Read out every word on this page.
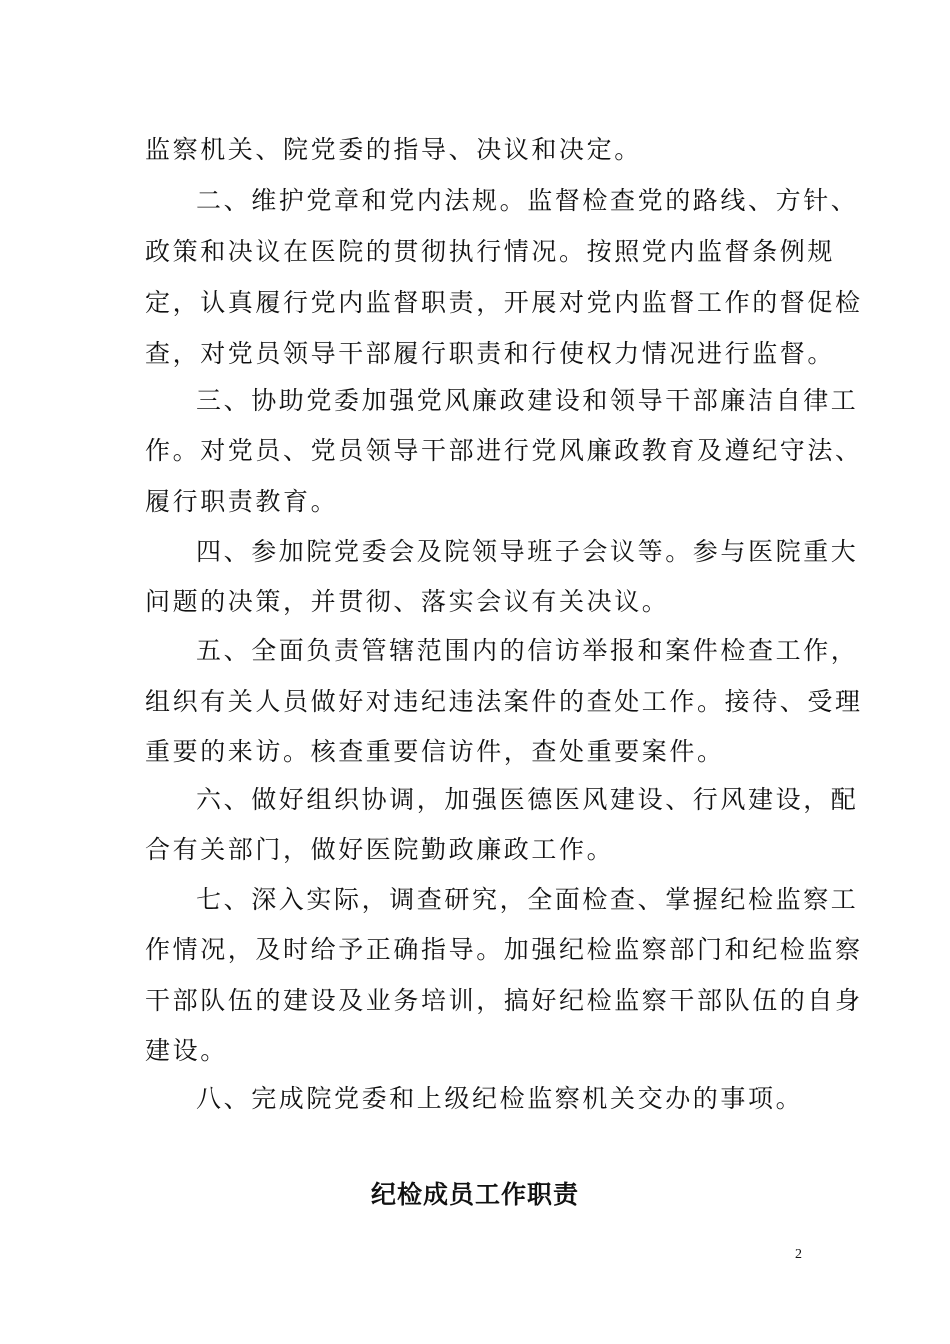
监察机关、院党委的指导、决议和决定。
二、维护党章和党内法规。监督检查党的路线、方针、
政策和决议在医院的贯彻执行情况。按照党内监督条例规
定，认真履行党内监督职责，开展对党内监督工作的督促检
查，对党员领导干部履行职责和行使权力情况进行监督。
三、协助党委加强党风廉政建设和领导干部廉洁自律工
作。对党员、党员领导干部进行党风廉政教育及遵纪守法、
履行职责教育。
四、参加院党委会及院领导班子会议等。参与医院重大
问题的决策，并贯彻、落实会议有关决议。
五、全面负责管辖范围内的信访举报和案件检查工作，
组织有关人员做好对违纪违法案件的查处工作。接待、受理
重要的来访。核查重要信访件，查处重要案件。
六、做好组织协调，加强医德医风建设、行风建设，配
合有关部门，做好医院勤政廉政工作。
七、深入实际，调查研究，全面检查、掌握纪检监察工
作情况，及时给予正确指导。加强纪检监察部门和纪检监察
干部队伍的建设及业务培训，搞好纪检监察干部队伍的自身
建设。
八、完成院党委和上级纪检监察机关交办的事项。
纪检成员工作职责
2
